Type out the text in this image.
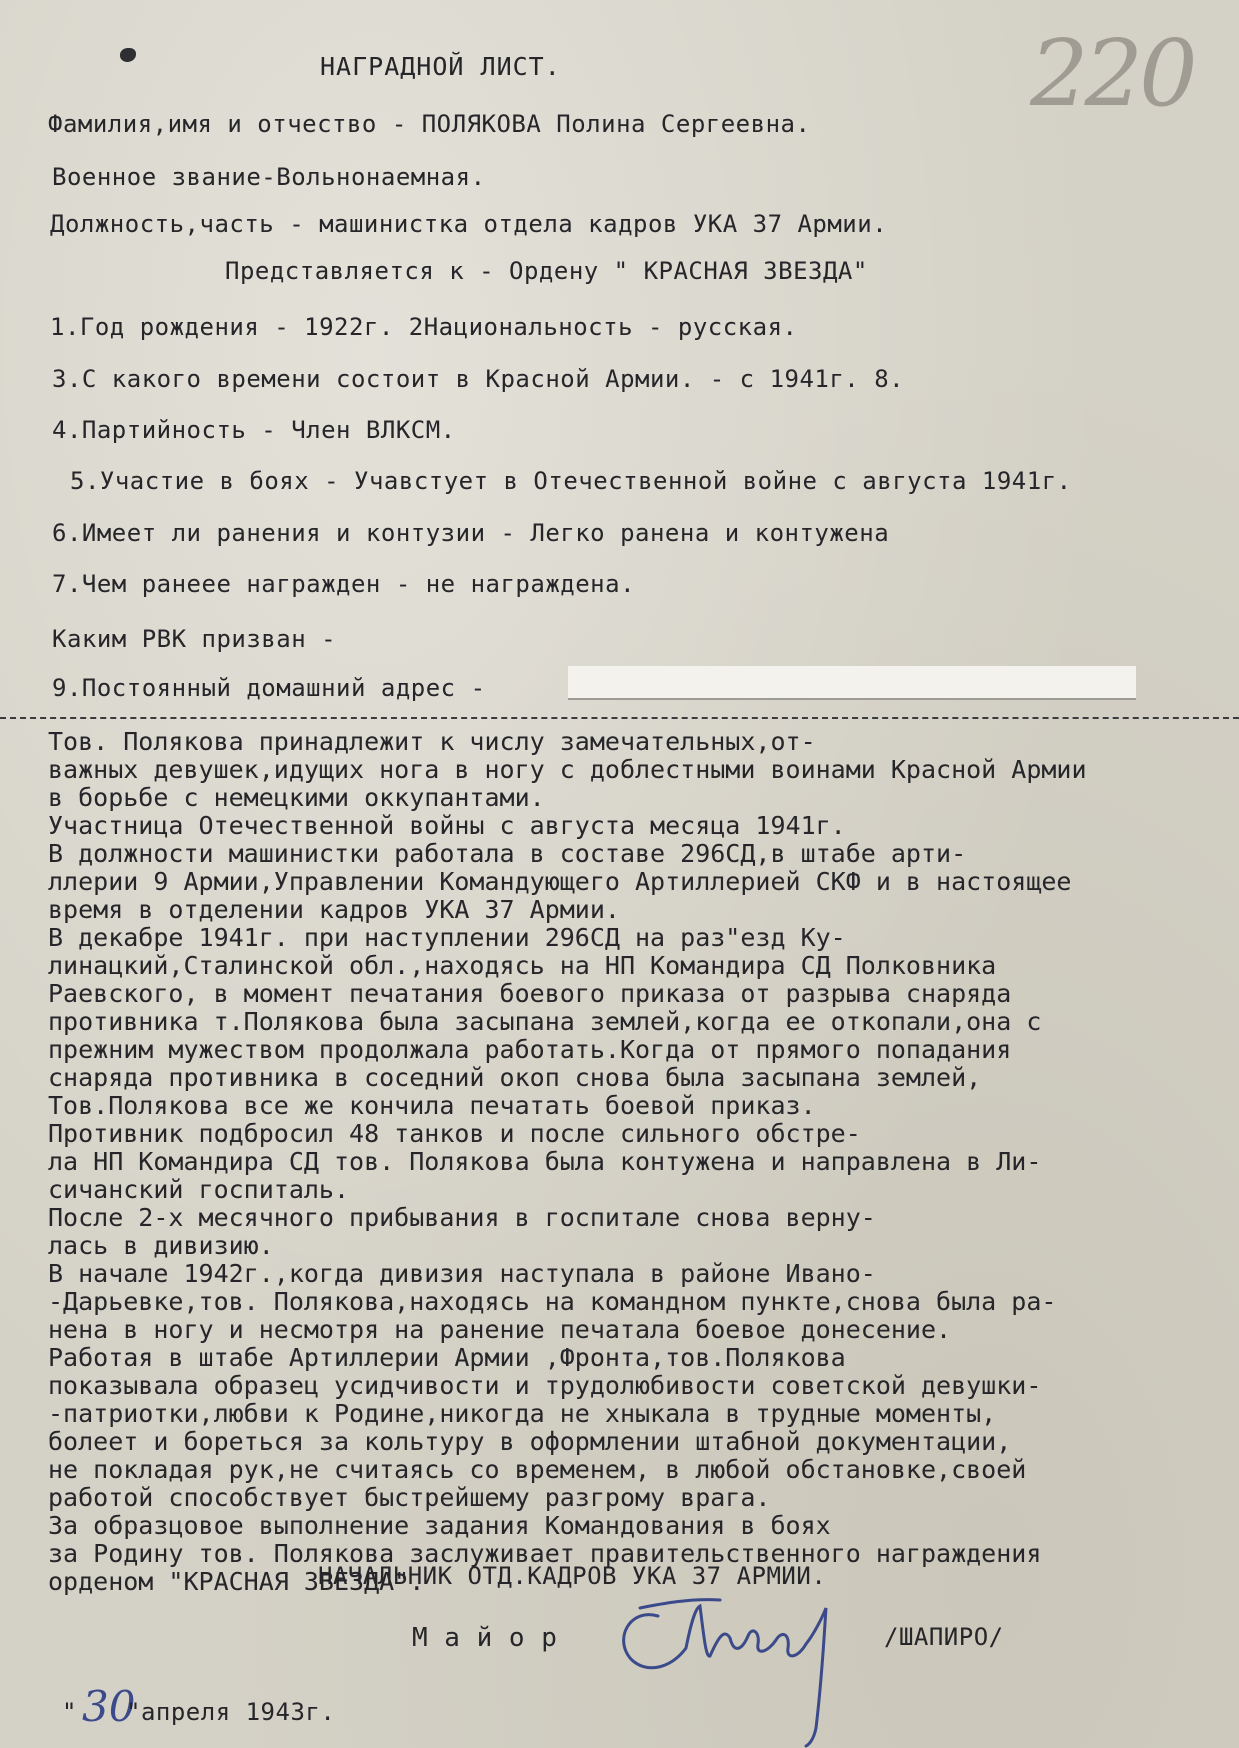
НАГРАДНОЙ ЛИСТ.	220
Фамилия,имя и отчество - ПОЛЯКОВА Полина Сергеевна.
Военное звание-Вольнонаемная.
Должность,часть - машинистка отдела кадров УКА 37 Армии.
Представляется к - Ордену " КРАСНАЯ ЗВЕЗДА"
1.Год рождения - 1922г. 2Национальность - русская.
3.С какого времени состоит в Красной Армии. - с 1941г. 8.
4.Партийность - Член ВЛКСМ.
5.Участие в боях - Учавстует в Отечественной войне с августа 1941г.
6.Имеет ли ранения и контузии - Легко ранена и контужена
7.Чем ранеее награжден - не награждена.
Каким РВК призван -
9.Постоянный домашний адрес -
Тов. Полякова принадлежит к числу замечательных,от-
важных девушек,идущих нога в ногу с доблестными воинами Красной Армии
в борьбе с немецкими оккупантами.
Участница Отечественной войны с августа месяца 1941г.
В должности машинистки работала в составе 296СД,в штабе арти-
ллерии 9 Армии,Управлении Командующего Артиллерией СКФ и в настоящее
время в отделении кадров УКА 37 Армии.
В декабре 1941г. при наступлении 296СД на раз"езд Ку-
линацкий,Сталинской обл.,находясь на НП Командира СД Полковника
Раевского, в момент печатания боевого приказа от разрыва снаряда
противника т.Полякова была засыпана землей,когда ее откопали,она с
прежним мужеством продолжала работать.Когда от прямого попадания
снаряда противника в соседний окоп снова была засыпана землей,
Тов.Полякова все же кончила печатать боевой приказ.
Противник подбросил 48 танков и после сильного обстре-
ла НП Командира СД тов. Полякова была контужена и направлена в Ли-
сичанский госпиталь.
После 2-х месячного прибывания в госпитале снова верну-
лась в дивизию.
В начале 1942г.,когда дивизия наступала в районе Ивано-
-Дарьевке,тов. Полякова,находясь на командном пункте,снова была ра-
нена в ногу и несмотря на ранение печатала боевое донесение.
Работая в штабе Артиллерии Армии ,Фронта,тов.Полякова
показывала образец усидчивости и трудолюбивости советской девушки-
-патриотки,любви к Родине,никогда не хныкала в трудные моменты,
болеет и бореться за кольтуру в оформлении штабной документации,
не покладая рук,не считаясь со временем, в любой обстановке,своей
работой способствует быстрейшему разгрому врага.
За образцовое выполнение задания Командования в боях
за Родину тов. Полякова заслуживает правительственного награждения
орденом "КРАСНАЯ ЗВЕЗДА".
НАЧАЛЬНИК ОТД.КАДРОВ УКА 37 АРМИИ.
М а й о р	/ШАПИРО/
30
" "апреля 1943г.
